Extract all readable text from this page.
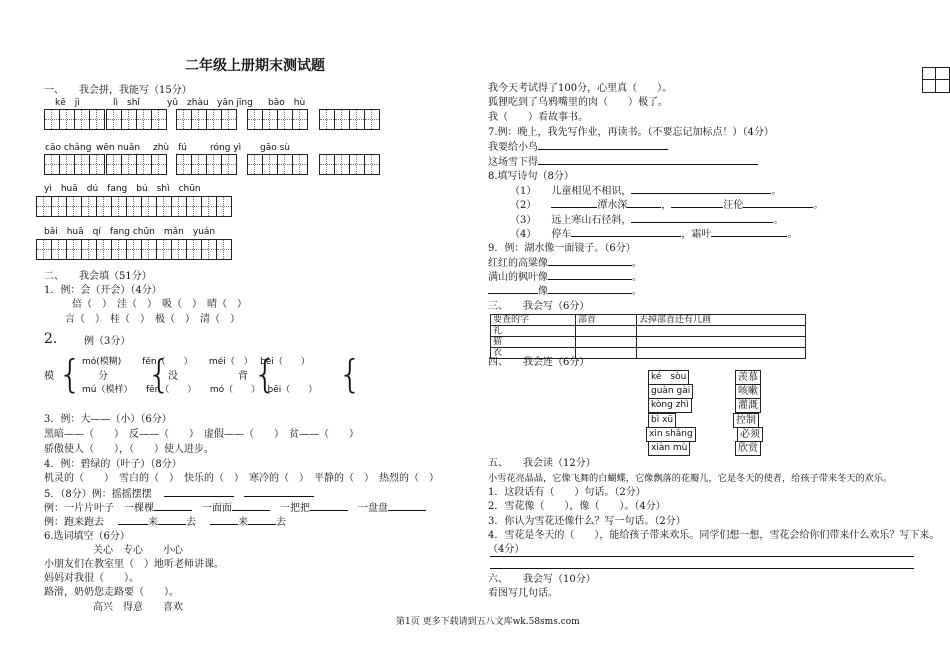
二年级上册期末测试题
一、　　我会拼，我能写（15分）
kē　jì	lì　shǐ	yǔ　zhàu yǎn jīng bǎo　hù
cāo chǎng wēn nuǎn zhù　fú	róng yì gāo sù
yì　huā　dú　fang　bú　shì　chūn
bǎi　huā　qí　fang chūn　mǎn　yuán
二、　　我会填（51分）
1．例：会（开会）（4分）
倍（　）　洼（　）　吸（　）　晴（　）
言（　）　桂（　）　极（　）　清（　）
2． 例（3分）
mó(模糊)　　 fēn（　　）　　 méi（　）　 bèi（　　）
模 { 分　　　　　　没　　　　　　背
{ { {
mú（模样）　　fēn（　　）　　mó（　　）　 bēi（　　）
3．例：大——（小）（6分）
黑暗——（　　）　反——（　　）　虚假——（　　）　贫——（　　）
骄傲使人（　　），（　　）使人进步。
4．例：碧绿的（叶子）（8分）
机灵的（　　）　雪白的（　）　快乐的（　）　寒冷的（　）　平静的（　）　热烈的（　）
5．（8分）例：摇摇摆摆
例：一片片叶子　一棵棵　	一面面　	一把把　	一盘盘
例：跑来跑去	来	去	来	去
6.选词填空（6分）
关心　专心　　小心
小朋友们在教室里（　）地听老师讲课。
妈妈对我很（　　）。
路滑，奶奶您走路要（　　）。
高兴　得意　　喜欢
我今天考试得了100分，心里真（　　）。
狐狸吃到了乌鸦嘴里的肉（　　）极了。
我（　　）看故事书。
7.例：晚上，我先写作业，再读书。（不要忘记加标点！）（4分）
我要给小鸟
这场雪下得
8.填写诗句（8分）
（1）　　儿童相见不相识，	。
（2）　　	潭水深	，	汪伦	。
（3）　　远上寒山石径斜，	。
（4）　　停车	，霜叶	。
9．例：湖水像一面镜子。（6分）
红红的高粱像	。
满山的枫叶像	。
像	。
三、　　我会写（6分）
要查的字	部首	去掉部首还有几画
礼		
猫		
衣		
四、　　我会连（6分）
ké　sòu
guàn gài
kòng zhì
bì xū
xin shǎng
xiàn mù
羡慕
咳嗽
灌溉
控制
必须
欣赏
五、　　我会读（12分）
小雪花亮晶晶，它像飞舞的白蝴蝶，它像飘落的花瓣儿，它是冬天的使者，给孩子带来冬天的欢乐。
1．这段话有（　　）句话。（2分）
2．雪花像（　　），像（　　）。（4分）
3．你认为雪花还像什么？写一句话。（2分）
4．雪花是冬天的（　　），能给孩子带来欢乐。同学们想一想，雪花会给你们带来什么欢乐？写下来。
（4分）
六、　　我会写（10分）
看图写几句话。
第1页 更多下载请到五八文库wk.58sms.com
